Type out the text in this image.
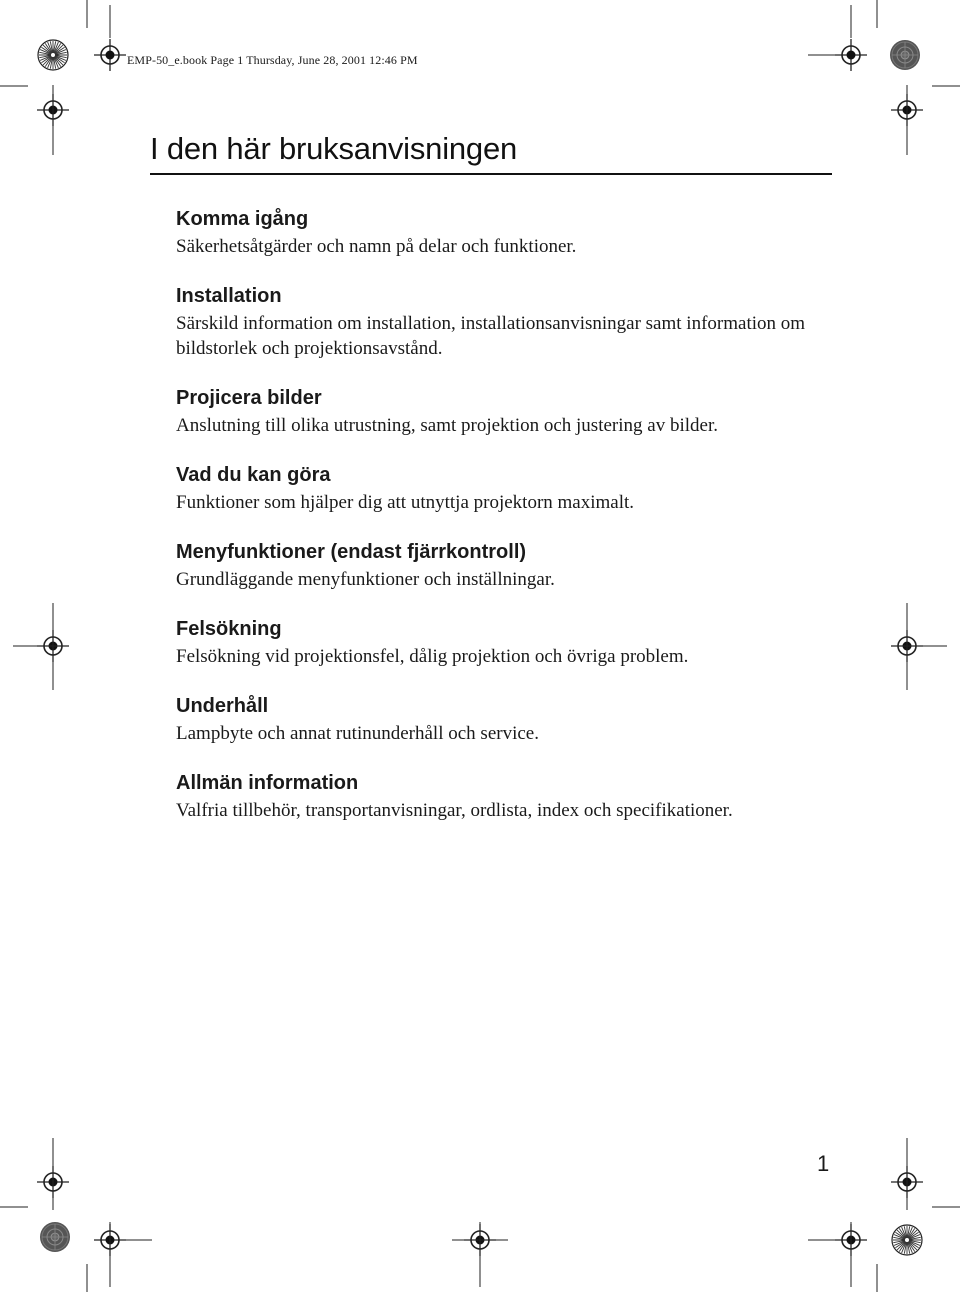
EMP-50_e.book Page 1 Thursday, June 28, 2001 12:46 PM
I den här bruksanvisningen
Komma igång

Säkerhetsåtgärder och namn på delar och funktioner.

Installation

Särskild information om installation, installationsanvisningar samt information om bildstorlek och projektionsavstånd.

Projicera bilder

Anslutning till olika utrustning, samt projektion och justering av bilder.

Vad du kan göra

Funktioner som hjälper dig att utnyttja projektorn maximalt.

Menyfunktioner (endast fjärrkontroll)

Grundläggande menyfunktioner och inställningar.

Felsökning

Felsökning vid projektionsfel, dålig projektion och övriga problem.

Underhåll

Lampbyte och annat rutinunderhåll och service.

Allmän information

Valfria tillbehör, transportanvisningar, ordlista, index och specifikationer.

1
